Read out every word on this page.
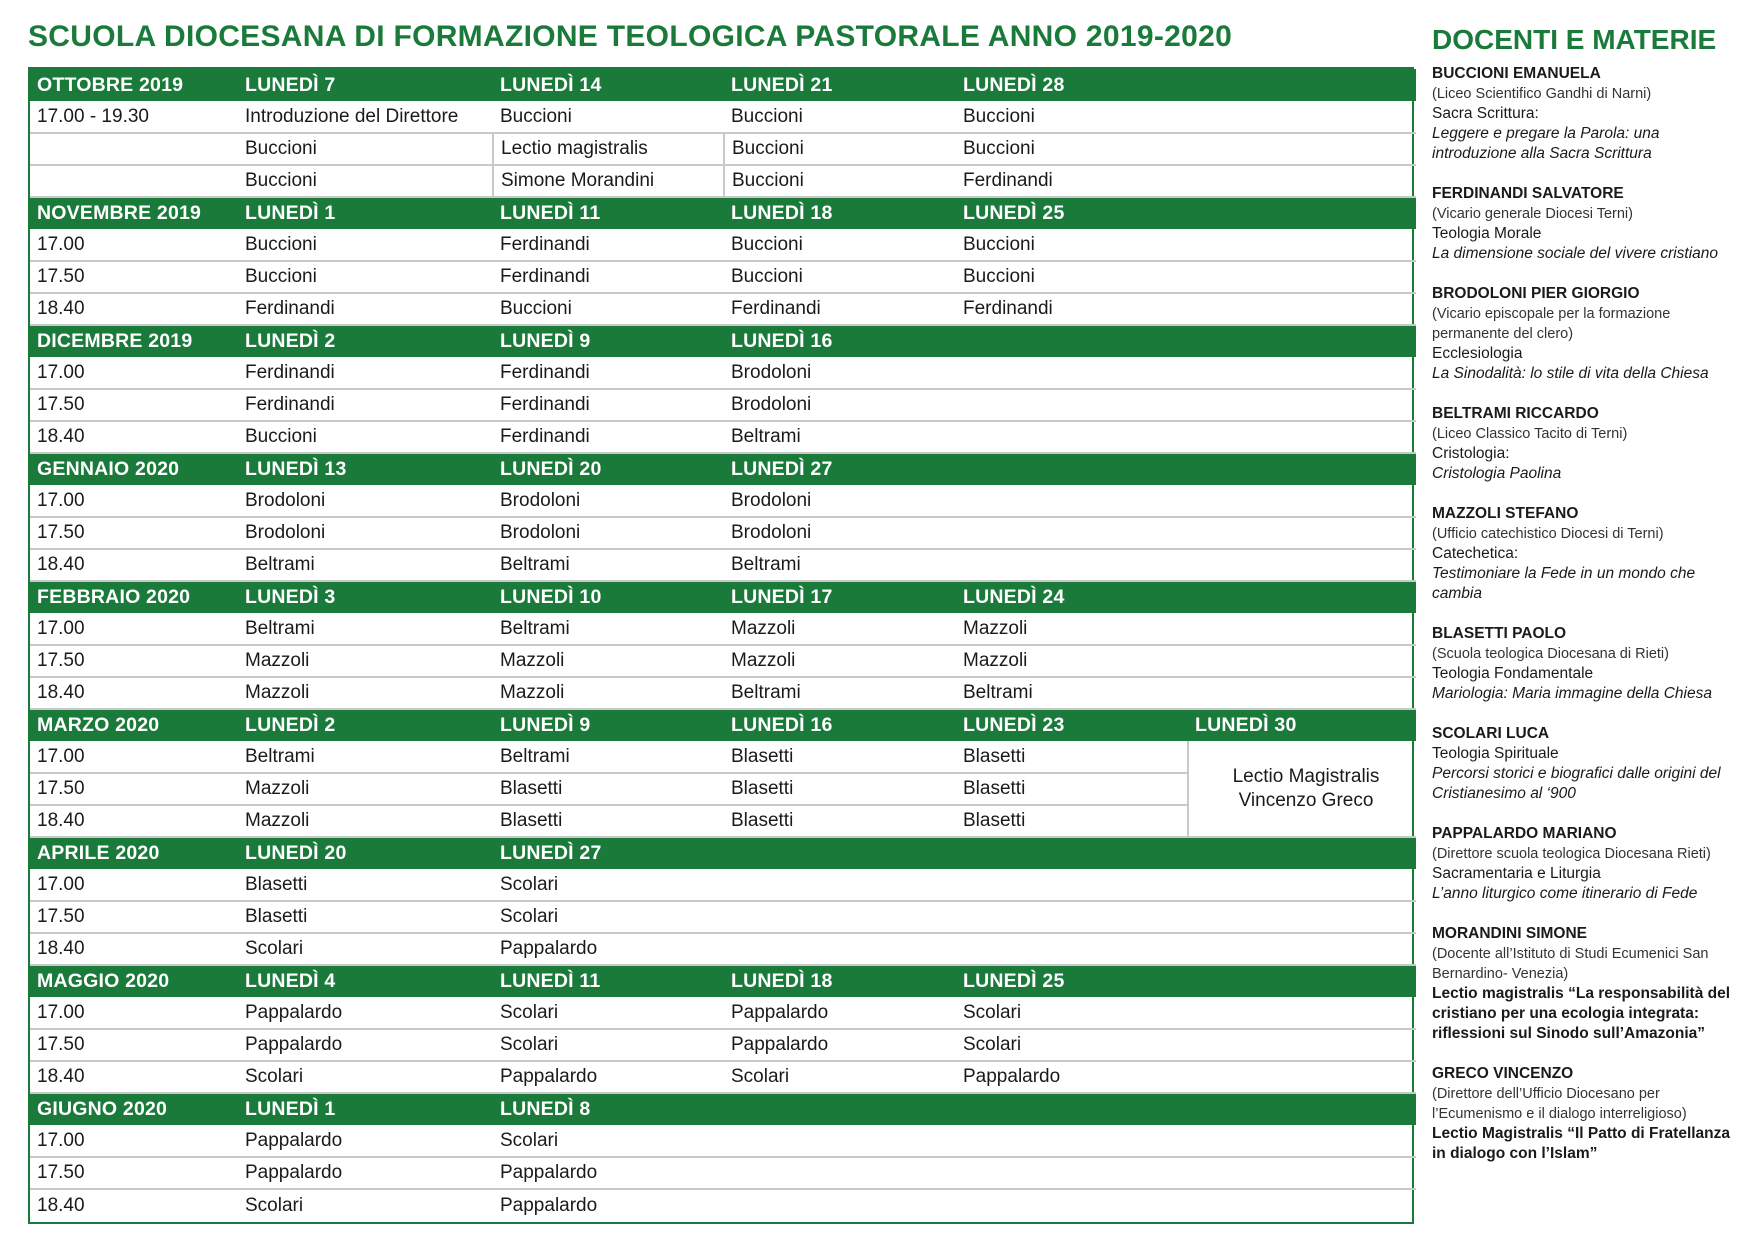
SCUOLA DIOCESANA DI FORMAZIONE TEOLOGICA PASTORALE ANNO 2019-2020
OTTOBRE 2019	LUNEDÌ 7	LUNEDÌ 14	LUNEDÌ 21	LUNEDÌ 28		
17.00 - 19.30	Introduzione del Direttore	Buccioni	Buccioni	Buccioni		
	Buccioni	Lectio magistralis	Buccioni	Buccioni		
	Buccioni	Simone Morandini	Buccioni	Ferdinandi		
NOVEMBRE 2019	LUNEDÌ 1	LUNEDÌ 11	LUNEDÌ 18	LUNEDÌ 25		
17.00	Buccioni	Ferdinandi	Buccioni	Buccioni		
17.50	Buccioni	Ferdinandi	Buccioni	Buccioni		
18.40	Ferdinandi	Buccioni	Ferdinandi	Ferdinandi		
DICEMBRE 2019	LUNEDÌ 2	LUNEDÌ 9	LUNEDÌ 16			
17.00	Ferdinandi	Ferdinandi	Brodoloni			
17.50	Ferdinandi	Ferdinandi	Brodoloni			
18.40	Buccioni	Ferdinandi	Beltrami			
GENNAIO 2020	LUNEDÌ 13	LUNEDÌ 20	LUNEDÌ 27			
17.00	Brodoloni	Brodoloni	Brodoloni			
17.50	Brodoloni	Brodoloni	Brodoloni			
18.40	Beltrami	Beltrami	Beltrami			
FEBBRAIO 2020	LUNEDÌ 3	LUNEDÌ 10	LUNEDÌ 17	LUNEDÌ 24		
17.00	Beltrami	Beltrami	Mazzoli	Mazzoli		
17.50	Mazzoli	Mazzoli	Mazzoli	Mazzoli		
18.40	Mazzoli	Mazzoli	Beltrami	Beltrami		
MARZO 2020	LUNEDÌ 2	LUNEDÌ 9	LUNEDÌ 16	LUNEDÌ 23	LUNEDÌ 30	
17.00	Beltrami	Beltrami	Blasetti	Blasetti	Lectio Magistralis
Vincenzo Greco	

17.50	Mazzoli	Blasetti	Blasetti	Blasetti		
18.40	Mazzoli	Blasetti	Blasetti	Blasetti		
APRILE 2020	LUNEDÌ 20	LUNEDÌ 27				
17.00	Blasetti	Scolari				
17.50	Blasetti	Scolari				
18.40	Scolari	Pappalardo				
MAGGIO 2020	LUNEDÌ 4	LUNEDÌ 11	LUNEDÌ 18	LUNEDÌ 25		
17.00	Pappalardo	Scolari	Pappalardo	Scolari		
17.50	Pappalardo	Scolari	Pappalardo	Scolari		
18.40	Scolari	Pappalardo	Scolari	Pappalardo		
GIUGNO 2020	LUNEDÌ 1	LUNEDÌ 8				
17.00	Pappalardo	Scolari				
17.50	Pappalardo	Pappalardo				
18.40	Scolari	Pappalardo				
DOCENTI E MATERIE
BUCCIONI EMANUELA
(Liceo Scientifico Gandhi di Narni)
Sacra Scrittura:
Leggere e pregare la Parola: una introduzione alla Sacra Scrittura
FERDINANDI SALVATORE
(Vicario generale Diocesi Terni)
Teologia Morale
La dimensione sociale del vivere cristiano
BRODOLONI PIER GIORGIO
(Vicario episcopale per la formazione permanente del clero)
Ecclesiologia
La Sinodalità: lo stile di vita della Chiesa
BELTRAMI RICCARDO
(Liceo Classico Tacito di Terni)
Cristologia:
Cristologia Paolina
MAZZOLI STEFANO
(Ufficio catechistico Diocesi di Terni)
Catechetica:
Testimoniare la Fede in un mondo che cambia
BLASETTI PAOLO
(Scuola teologica Diocesana di Rieti)
Teologia Fondamentale
Mariologia: Maria immagine della Chiesa
SCOLARI LUCA
Teologia Spirituale
Percorsi storici e biografici dalle origini del Cristianesimo al ‘900
PAPPALARDO MARIANO
(Direttore scuola teologica Diocesana Rieti)
Sacramentaria e Liturgia
L’anno liturgico come itinerario di Fede
MORANDINI SIMONE
(Docente all’Istituto di Studi Ecumenici San Bernardino- Venezia)
Lectio magistralis “La responsabilità del cristiano per una ecologia integrata: riflessioni sul Sinodo sull’Amazonia”
GRECO VINCENZO
(Direttore dell’Ufficio Diocesano per l’Ecumenismo e il dialogo interreligioso)
Lectio Magistralis “Il Patto di Fratellanza in dialogo con l’Islam”
